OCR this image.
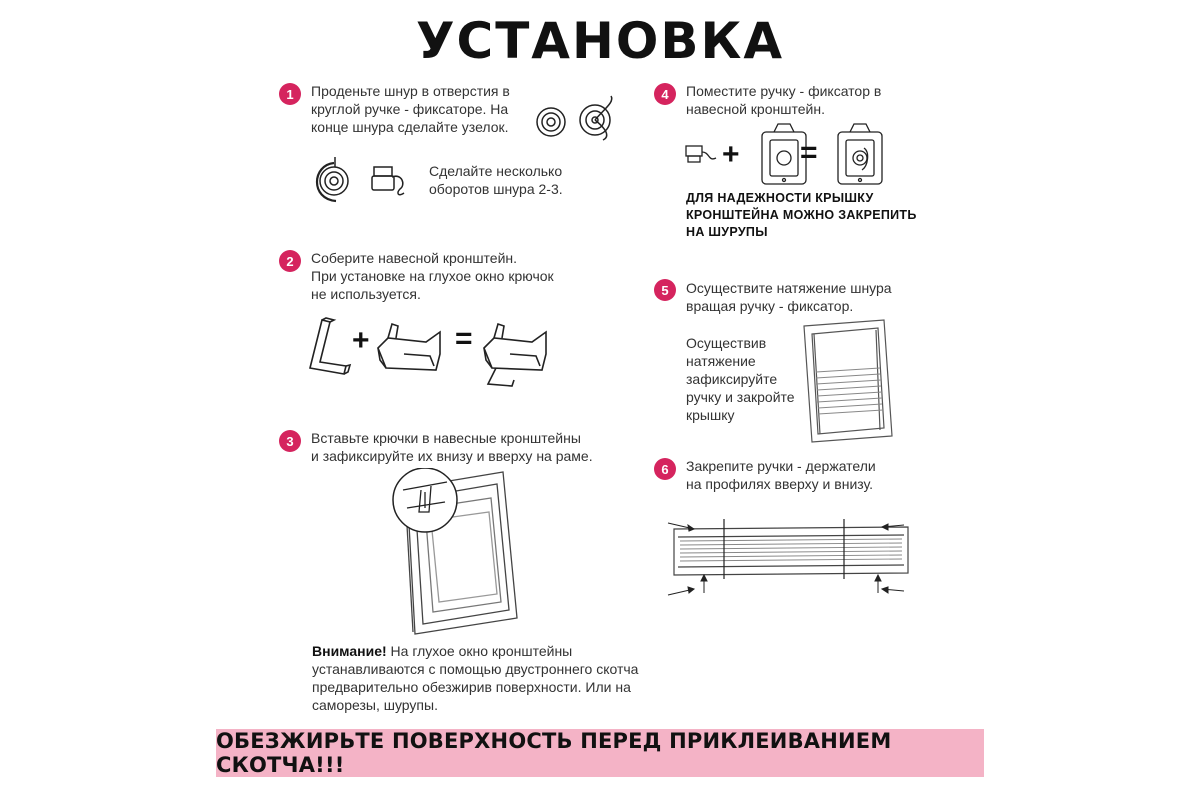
УСТАНОВКА
1	Проденьте шнур в отверстия в
круглой ручке - фиксаторе. На
конце шнура сделайте узелок.
Сделайте несколько
оборотов шнура 2-3.
2	Соберите навесной кронштейн.
При установке на глухое окно крючок
не используется.
+	=
3	Вставьте крючки в навесные кронштейны
и зафиксируйте их внизу и вверху на раме.
Внимание! На глухое окно кронштейны устанавливаются с помощью двустроннего скотча предварительно обезжирив поверхности. Или на саморезы, шурупы.
4	Поместите ручку - фиксатор в
навесной кронштейн.
+ =
ДЛЯ НАДЕЖНОСТИ КРЫШКУ
КРОНШТЕЙНА МОЖНО ЗАКРЕПИТЬ
НА ШУРУПЫ
5	Осуществите натяжение шнура
вращая ручку - фиксатор.
Осуществив
натяжение
зафиксируйте
ручку и закройте
крышку
6	Закрепите ручки - держатели
на профилях вверху и внизу.
ОБЕЗЖИРЬТЕ ПОВЕРХНОСТЬ ПЕРЕД ПРИКЛЕИВАНИЕМ СКОТЧА!!!
